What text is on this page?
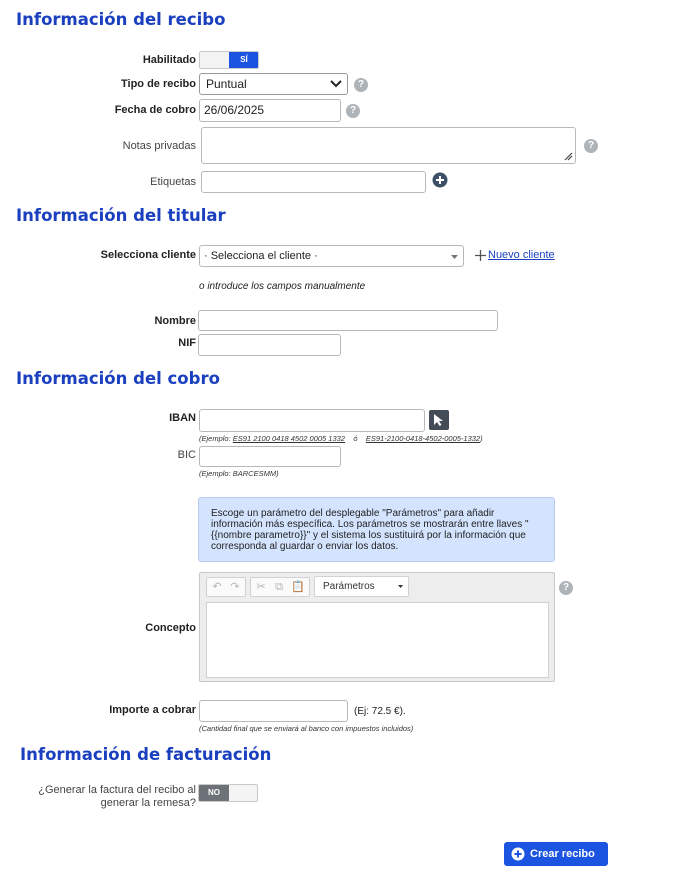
Información del recibo
Habilitado	SÍ
Tipo de recibo Puntual	?
Fecha de cobro 26/06/2025	?
Notas privadas	?
Etiquetas
Información del titular
Selecciona cliente · Selecciona el cliente ·	Nuevo cliente
o introduce los campos manualmente
Nombre
NIF
Información del cobro
IBAN
(Ejemplo: ES91 2100 0418 4502 0005 1332 ó ES91-2100-0418-4502-0005-1332)
BIC
(Ejemplo: BARCESMM)
Escoge un parámetro del desplegable "Parámetros" para añadir información más específica. Los parámetros se mostrarán entre llaves "{{nombre parametro}}" y el sistema los sustituirá por la información que corresponda al guardar o enviar los datos.
Concepto
↶ ↷ ✂ ⧉ 📋	Parámetros	?
Importe a cobrar	(Ej: 72.5 €).
(Cantidad final que se enviará al banco con impuestos incluidos)
Información de facturación
¿Generar la factura del recibo al
generar la remesa?
NO
Crear recibo
